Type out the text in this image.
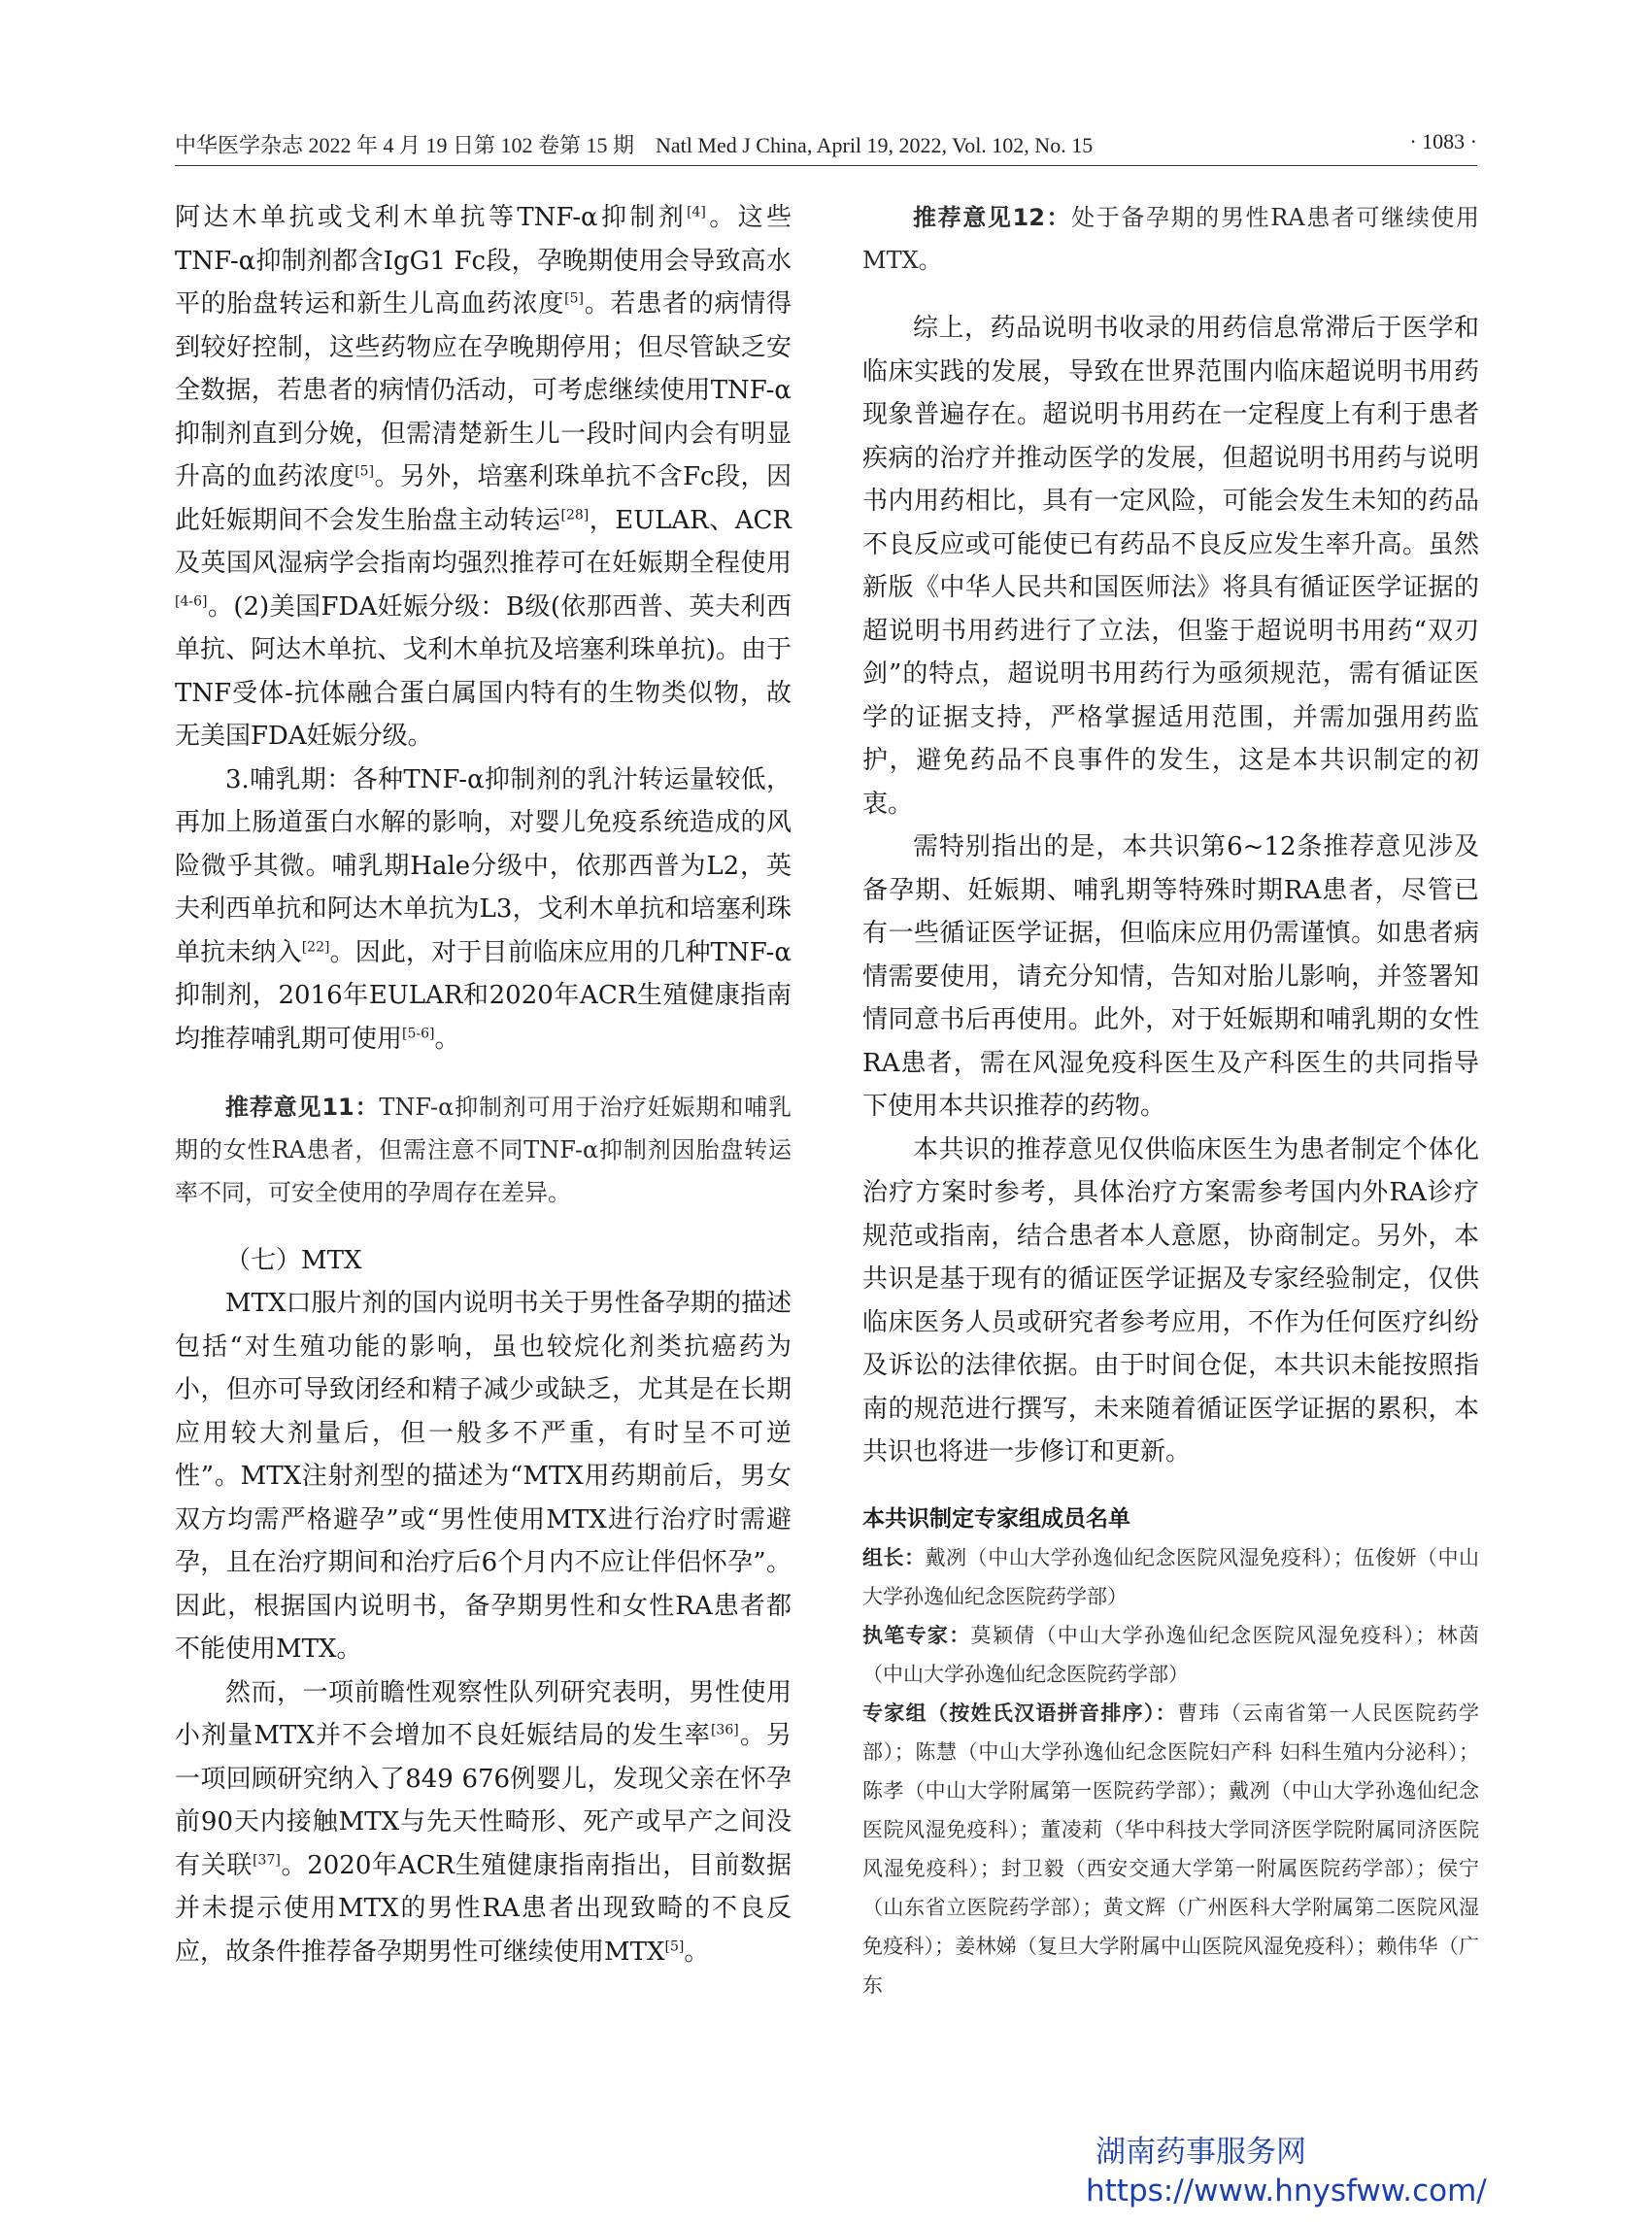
中华医学杂志 2022 年 4 月 19 日第 102 卷第 15 期　Natl Med J China, April 19, 2022, Vol. 102, No. 15	· 1083 ·

阿达木单抗或戈利木单抗等TNF-α抑制剂[4]。这些TNF-α抑制剂都含IgG1 Fc段，孕晚期使用会导致高水平的胎盘转运和新生儿高血药浓度[5]。若患者的病情得到较好控制，这些药物应在孕晚期停用；但尽管缺乏安全数据，若患者的病情仍活动，可考虑继续使用TNF-α抑制剂直到分娩，但需清楚新生儿一段时间内会有明显升高的血药浓度[5]。另外，培塞利珠单抗不含Fc段，因此妊娠期间不会发生胎盘主动转运[28]，EULAR、ACR及英国风湿病学会指南均强烈推荐可在妊娠期全程使用[4-6]。(2)美国FDA妊娠分级：B级(依那西普、英夫利西单抗、阿达木单抗、戈利木单抗及培塞利珠单抗)。由于TNF受体-抗体融合蛋白属国内特有的生物类似物，故无美国FDA妊娠分级。

3.哺乳期：各种TNF-α抑制剂的乳汁转运量较低，再加上肠道蛋白水解的影响，对婴儿免疫系统造成的风险微乎其微。哺乳期Hale分级中，依那西普为L2，英夫利西单抗和阿达木单抗为L3，戈利木单抗和培塞利珠单抗未纳入[22]。因此，对于目前临床应用的几种TNF-α抑制剂，2016年EULAR和2020年ACR生殖健康指南均推荐哺乳期可使用[5-6]。

推荐意见11：TNF-α抑制剂可用于治疗妊娠期和哺乳期的女性RA患者，但需注意不同TNF-α抑制剂因胎盘转运率不同，可安全使用的孕周存在差异。

（七）MTX

MTX口服片剂的国内说明书关于男性备孕期的描述包括“对生殖功能的影响，虽也较烷化剂类抗癌药为小，但亦可导致闭经和精子减少或缺乏，尤其是在长期应用较大剂量后，但一般多不严重，有时呈不可逆性”。MTX注射剂型的描述为“MTX用药期前后，男女双方均需严格避孕”或“男性使用MTX进行治疗时需避孕，且在治疗期间和治疗后6个月内不应让伴侣怀孕”。因此，根据国内说明书，备孕期男性和女性RA患者都不能使用MTX。

然而，一项前瞻性观察性队列研究表明，男性使用小剂量MTX并不会增加不良妊娠结局的发生率[36]。另一项回顾研究纳入了849 676例婴儿，发现父亲在怀孕前90天内接触MTX与先天性畸形、死产或早产之间没有关联[37]。2020年ACR生殖健康指南指出，目前数据并未提示使用MTX的男性RA患者出现致畸的不良反应，故条件推荐备孕期男性可继续使用MTX[5]。

推荐意见12：处于备孕期的男性RA患者可继续使用MTX。

综上，药品说明书收录的用药信息常滞后于医学和临床实践的发展，导致在世界范围内临床超说明书用药现象普遍存在。超说明书用药在一定程度上有利于患者疾病的治疗并推动医学的发展，但超说明书用药与说明书内用药相比，具有一定风险，可能会发生未知的药品不良反应或可能使已有药品不良反应发生率升高。虽然新版《中华人民共和国医师法》将具有循证医学证据的超说明书用药进行了立法，但鉴于超说明书用药“双刃剑”的特点，超说明书用药行为亟须规范，需有循证医学的证据支持，严格掌握适用范围，并需加强用药监护，避免药品不良事件的发生，这是本共识制定的初衷。

需特别指出的是，本共识第6~12条推荐意见涉及备孕期、妊娠期、哺乳期等特殊时期RA患者，尽管已有一些循证医学证据，但临床应用仍需谨慎。如患者病情需要使用，请充分知情，告知对胎儿影响，并签署知情同意书后再使用。此外，对于妊娠期和哺乳期的女性RA患者，需在风湿免疫科医生及产科医生的共同指导下使用本共识推荐的药物。

本共识的推荐意见仅供临床医生为患者制定个体化治疗方案时参考，具体治疗方案需参考国内外RA诊疗规范或指南，结合患者本人意愿，协商制定。另外，本共识是基于现有的循证医学证据及专家经验制定，仅供临床医务人员或研究者参考应用，不作为任何医疗纠纷及诉讼的法律依据。由于时间仓促，本共识未能按照指南的规范进行撰写，未来随着循证医学证据的累积，本共识也将进一步修订和更新。

本共识制定专家组成员名单

组长：戴冽（中山大学孙逸仙纪念医院风湿免疫科）；伍俊妍（中山大学孙逸仙纪念医院药学部）

执笔专家：莫颖倩（中山大学孙逸仙纪念医院风湿免疫科）；林茵（中山大学孙逸仙纪念医院药学部）

专家组（按姓氏汉语拼音排序）：曹玮（云南省第一人民医院药学部）；陈慧（中山大学孙逸仙纪念医院妇产科 妇科生殖内分泌科）；陈孝（中山大学附属第一医院药学部）；戴冽（中山大学孙逸仙纪念医院风湿免疫科）；董凌莉（华中科技大学同济医学院附属同济医院风湿免疫科）；封卫毅（西安交通大学第一附属医院药学部）；侯宁（山东省立医院药学部）；黄文辉（广州医科大学附属第二医院风湿免疫科）；姜林娣（复旦大学附属中山医院风湿免疫科）；赖伟华（广东

湖南药事服务网
https://www.hnysfww.com/
